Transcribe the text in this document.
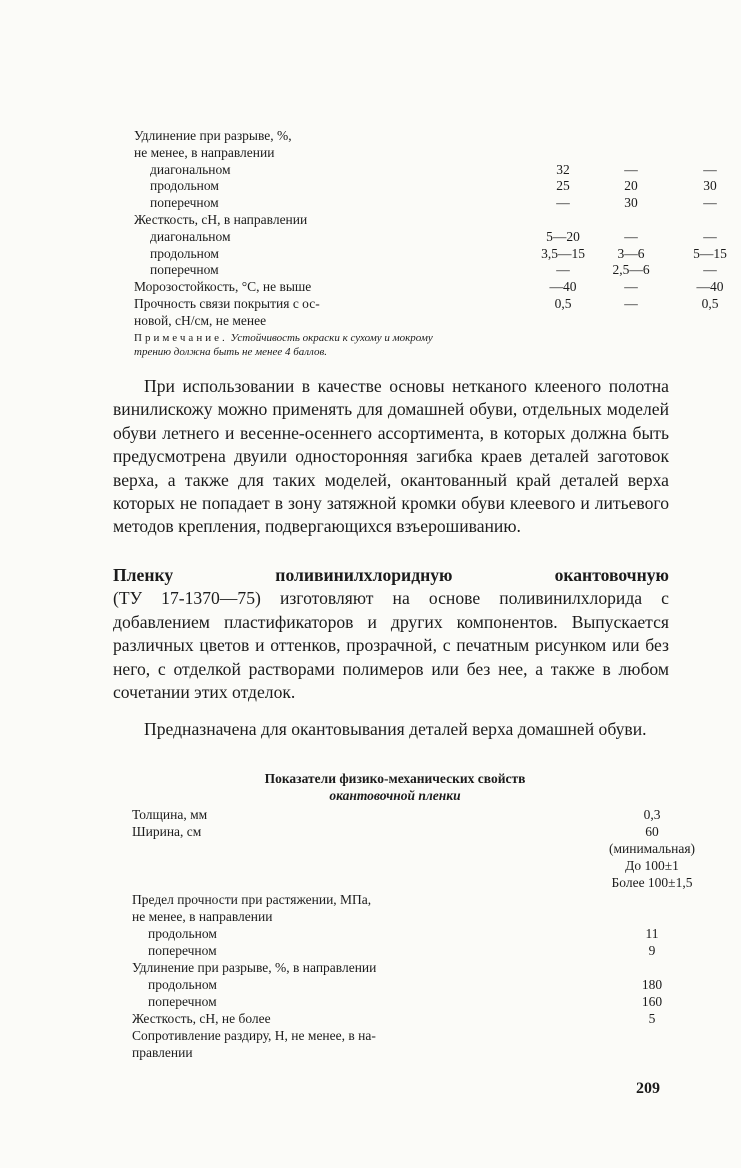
Удлинение при разрыве, %,
не менее, в направлении
диагональном	32	—	—
продольном	25	20	30
поперечном	—	30	—
Жесткость, сН, в направлении
диагональном	5—20	—	—
продольном	3,5—15	3—6	5—15
поперечном	—	2,5—6	—
Морозостойкость, °С, не выше	—40	—	—40
Прочность связи покрытия с ос-	0,5	—	0,5
новой, сН/см, не менее
Примечание. Устойчивость окраски к сухому и мокрому
трению должна быть не менее 4 баллов.
При использовании в качестве основы нетканого клееного полотна винилискожу можно применять для домашней обуви, отдельных моделей обуви летнего и весенне-осеннего ассортимента, в которых должна быть предусмотрена двуили односторонняя загибка краев деталей заготовок верха, а также для таких моделей, окантованный край деталей верха которых не попадает в зону затяжной кромки обуви клеевого и литьевого методов крепления, подвергающихся взъерошиванию.
Пленку поливинилхлоридную окантовочную
(ТУ 17-1370—75) изготовляют на основе поливинилхлорида с добавлением пластификаторов и других компонентов. Выпускается различных цветов и оттенков, прозрачной, с печатным рисунком или без него, с отделкой растворами полимеров или без нее, а также в любом сочетании этих отделок.
Предназначена для окантовывания деталей верха домашней обуви.
Показатели физико-механических свойств
окантовочной пленки
Толщина, мм	0,3
Ширина, см	60
(минимальная)
До 100±1
Более 100±1,5
Предел прочности при растяжении, МПа,
не менее, в направлении
продольном	11
поперечном	9
Удлинение при разрыве, %, в направлении
продольном	180
поперечном	160
Жесткость, сН, не более	5
Сопротивление раздиру, Н, не менее, в на-
правлении
209
